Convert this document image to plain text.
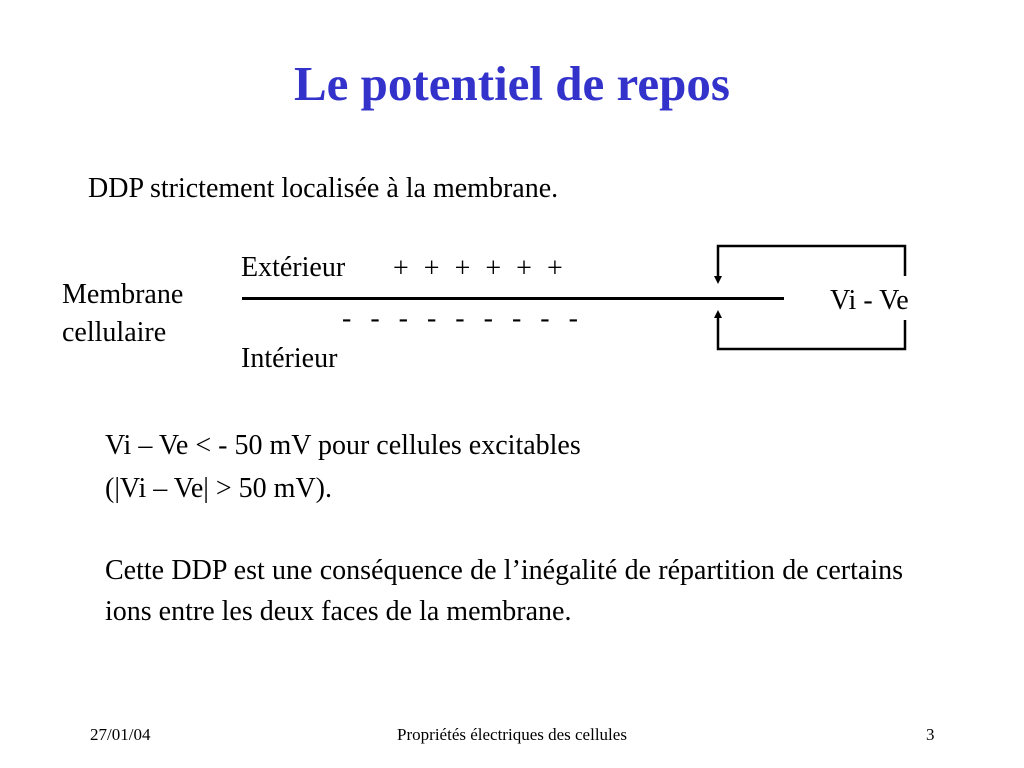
Le potentiel de repos
DDP strictement localisée à la membrane.
Extérieur + + + + + +
Membrane
cellulaire	- - - - - - - - -
Intérieur
Vi - Ve
Vi – Ve < - 50 mV pour cellules excitables
(|Vi – Ve| > 50 mV).
Cette DDP est une conséquence de l’inégalité de répartition de certains ions entre les deux faces de la membrane.
27/01/04	Propriétés électriques des cellules	3
